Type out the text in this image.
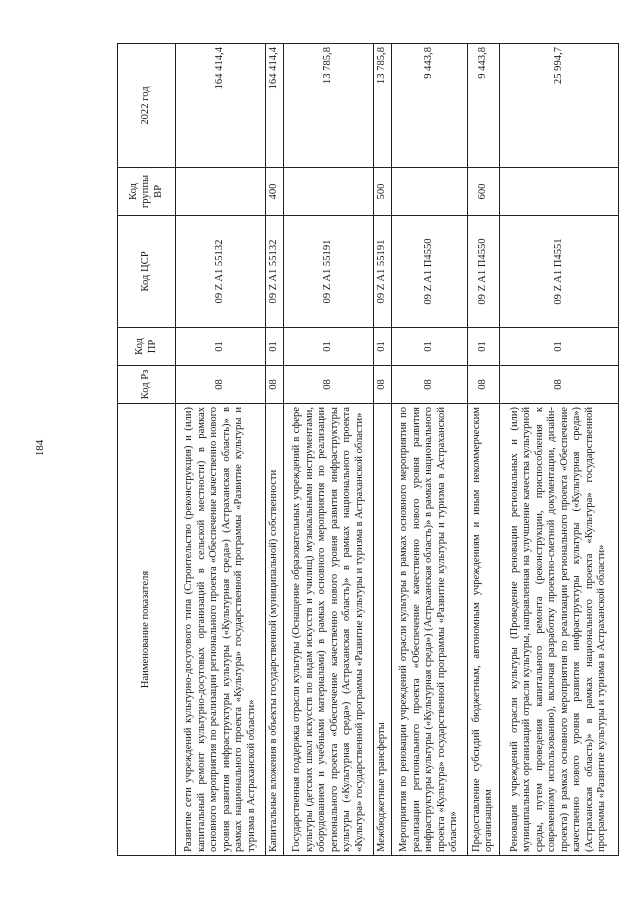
184
Наименование показателя	Код Рз	Код ПР	Код ЦСР	Код группы ВР	2022 год
Развитие сети учреждений культурно-досугового типа (Строительство (реконструкция) и (или) капитальный ремонт культурно-досуговых организаций в сельской местности) в рамках основного мероприятия по реализации регионального проекта «Обеспечение качественно нового уровня развития инфраструктуры культуры («Культурная среда») (Астраханская область)» в рамках национального проекта «Культура» государственной программы «Развитие культуры и туризма в Астраханской области»	08	01	09 Z A1 55132		164 414,4
Капитальные вложения в объекты государственной (муниципальной) собственности	08	01	09 Z A1 55132	400	164 414,4
Государственная поддержка отрасли культуры (Оснащение образовательных учреждений в сфере культуры (детских школ искусств по видам искусств и училищ) музыкальными инструментами, оборудованием и учебными материалами) в рамках основного мероприятия по реализации регионального проекта «Обеспечение качественно нового уровня развития инфраструктуры культуры («Культурная среда») (Астраханская область)» в рамках национального проекта «Культура» государственной программы «Развитие культуры и туризма в Астраханской области»	08	01	09 Z A1 55191		13 785,8
Межбюджетные трансферты	08	01	09 Z A1 55191	500	13 785,8
Мероприятия по реновации учреждений отрасли культуры в рамках основного мероприятия по реализации регионального проекта «Обеспечение качественно нового уровня развития инфраструктуры культуры («Культурная среда») (Астраханская область)» в рамках национального проекта «Культура» государственной программы «Развитие культуры и туризма в Астраханской области»	08	01	09 Z A1 П4550		9 443,8
Предоставление субсидий бюджетным, автономным учреждениям и иным некоммерческим организациям	08	01	09 Z A1 П4550	600	9 443,8
Реновация учреждений отрасли культуры (Проведение реновации региональных и (или) муниципальных организаций отрасли культуры, направленная на улучшение качества культурной среды, путем проведения капитального ремонта (реконструкции, приспособления к современному использованию), включая разработку проектно-сметной документации, дизайн-проекта) в рамках основного мероприятия по реализации регионального проекта «Обеспечение качественно нового уровня развития инфраструктуры культуры («Культурная среда») (Астраханская область)» в рамках национального проекта «Культура» государственной программы «Развитие культуры и туризма в Астраханской области»	08	01	09 Z A1 П4551		25 994,7
